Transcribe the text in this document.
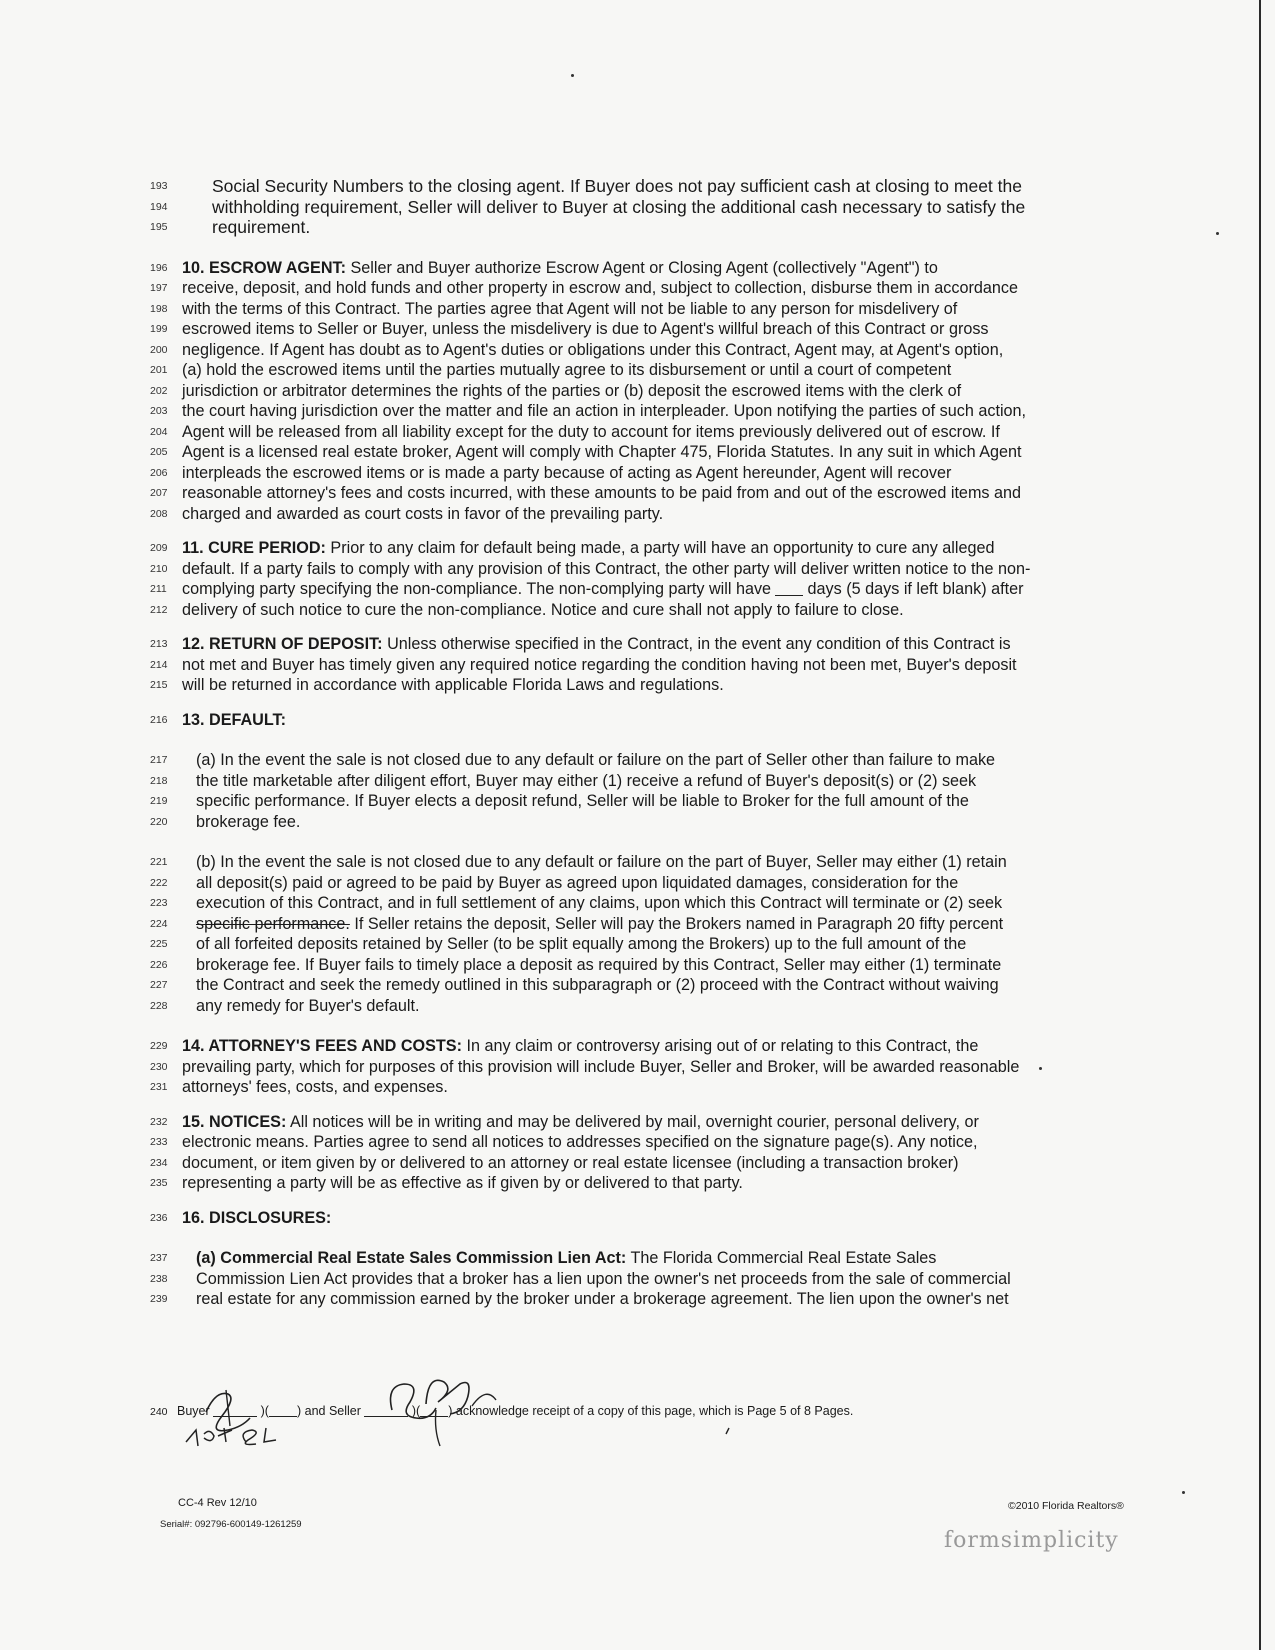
193	Social Security Numbers to the closing agent. If Buyer does not pay sufficient cash at closing to meet the
194	withholding requirement, Seller will deliver to Buyer at closing the additional cash necessary to satisfy the
195	requirement.
196 10. ESCROW AGENT: Seller and Buyer authorize Escrow Agent or Closing Agent (collectively "Agent") to
197 receive, deposit, and hold funds and other property in escrow and, subject to collection, disburse them in accordance
198 with the terms of this Contract. The parties agree that Agent will not be liable to any person for misdelivery of
199 escrowed items to Seller or Buyer, unless the misdelivery is due to Agent's willful breach of this Contract or gross
200 negligence. If Agent has doubt as to Agent's duties or obligations under this Contract, Agent may, at Agent's option,
201 (a) hold the escrowed items until the parties mutually agree to its disbursement or until a court of competent
202 jurisdiction or arbitrator determines the rights of the parties or (b) deposit the escrowed items with the clerk of
203 the court having jurisdiction over the matter and file an action in interpleader. Upon notifying the parties of such action,
204 Agent will be released from all liability except for the duty to account for items previously delivered out of escrow. If
205 Agent is a licensed real estate broker, Agent will comply with Chapter 475, Florida Statutes. In any suit in which Agent
206 interpleads the escrowed items or is made a party because of acting as Agent hereunder, Agent will recover
207 reasonable attorney's fees and costs incurred, with these amounts to be paid from and out of the escrowed items and
208 charged and awarded as court costs in favor of the prevailing party.
209 11. CURE PERIOD: Prior to any claim for default being made, a party will have an opportunity to cure any alleged
210 default. If a party fails to comply with any provision of this Contract, the other party will deliver written notice to the non-
211 complying party specifying the non-compliance. The non-complying party will have days (5 days if left blank) after
212 delivery of such notice to cure the non-compliance. Notice and cure shall not apply to failure to close.
213 12. RETURN OF DEPOSIT: Unless otherwise specified in the Contract, in the event any condition of this Contract is
214 not met and Buyer has timely given any required notice regarding the condition having not been met, Buyer's deposit
215 will be returned in accordance with applicable Florida Laws and regulations.
216 13. DEFAULT:
217	(a) In the event the sale is not closed due to any default or failure on the part of Seller other than failure to make
218	the title marketable after diligent effort, Buyer may either (1) receive a refund of Buyer's deposit(s) or (2) seek
219	specific performance. If Buyer elects a deposit refund, Seller will be liable to Broker for the full amount of the
220	brokerage fee.
221	(b) In the event the sale is not closed due to any default or failure on the part of Buyer, Seller may either (1) retain
222	all deposit(s) paid or agreed to be paid by Buyer as agreed upon liquidated damages, consideration for the
223	execution of this Contract, and in full settlement of any claims, upon which this Contract will terminate or (2) seek
224	specific performance. If Seller retains the deposit, Seller will pay the Brokers named in Paragraph 20 fifty percent
225	of all forfeited deposits retained by Seller (to be split equally among the Brokers) up to the full amount of the
226	brokerage fee. If Buyer fails to timely place a deposit as required by this Contract, Seller may either (1) terminate
227	the Contract and seek the remedy outlined in this subparagraph or (2) proceed with the Contract without waiving
228	any remedy for Buyer's default.
229 14. ATTORNEY'S FEES AND COSTS: In any claim or controversy arising out of or relating to this Contract, the
230 prevailing party, which for purposes of this provision will include Buyer, Seller and Broker, will be awarded reasonable
231 attorneys' fees, costs, and expenses.
232 15. NOTICES: All notices will be in writing and may be delivered by mail, overnight courier, personal delivery, or
233 electronic means. Parties agree to send all notices to addresses specified on the signature page(s). Any notice,
234 document, or item given by or delivered to an attorney or real estate licensee (including a transaction broker)
235 representing a party will be as effective as if given by or delivered to that party.
236 16. DISCLOSURES:
237	(a) Commercial Real Estate Sales Commission Lien Act: The Florida Commercial Real Estate Sales
238	Commission Lien Act provides that a broker has a lien upon the owner's net proceeds from the sale of commercial
239	real estate for any commission earned by the broker under a brokerage agreement. The lien upon the owner's net
240 Buyer	)( ) and Seller	)( ) acknowledge receipt of a copy of this page, which is Page 5 of 8 Pages.
CC-4 Rev 12/10
Serial#: 092796-600149-1261259
©2010 Florida Realtors®
formsimplicity
